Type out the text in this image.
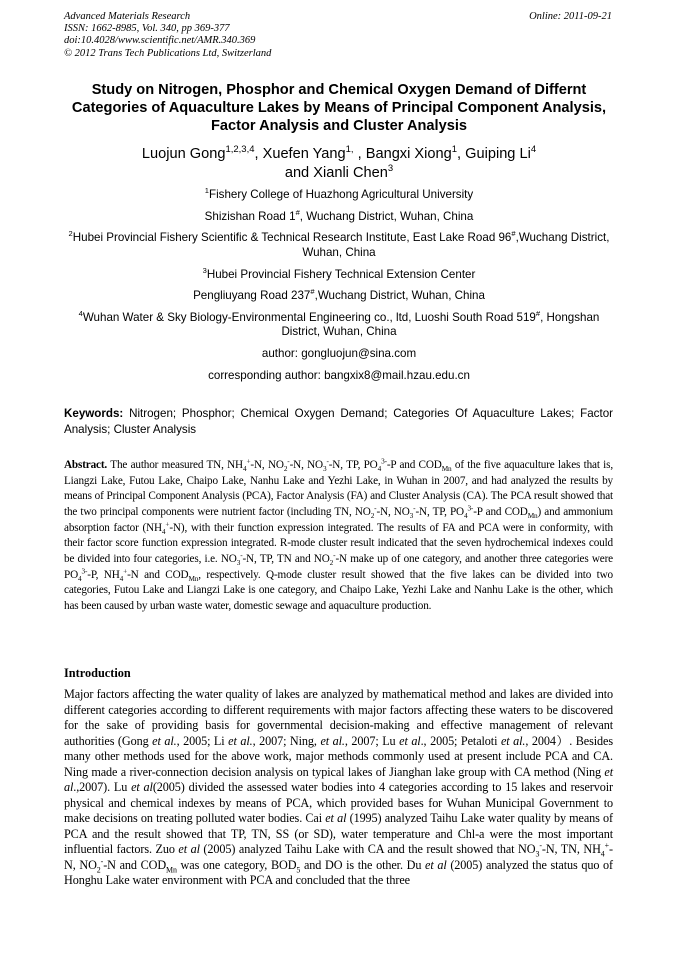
Advanced Materials Research
ISSN: 1662-8985, Vol. 340, pp 369-377
doi:10.4028/www.scientific.net/AMR.340.369
© 2012 Trans Tech Publications Ltd, Switzerland
Online: 2011-09-21
Study on Nitrogen, Phosphor and Chemical Oxygen Demand of Differnt Categories of Aquaculture Lakes by Means of Principal Component Analysis, Factor Analysis and Cluster Analysis
Luojun Gong$^{1,2,3,4}$, Xuefen Yang$^{1,}$ , Bangxi Xiong$^1$, Guiping Li$^4$
and Xianli Chen$^3$

$^1$Fishery College of Huazhong Agricultural University

Shizishan Road 1#, Wuchang District, Wuhan, China

$^2$Hubei Provincial Fishery Scientific & Technical Research Institute, East Lake Road 96#,Wuchang District, Wuhan, China

$^3$Hubei Provincial Fishery Technical Extension Center

Pengliuyang Road 237#,Wuchang District, Wuhan, China

$^4$Wuhan Water & Sky Biology-Environmental Engineering co., ltd, Luoshi South Road 519#, Hongshan District, Wuhan, China

author: gongluojun@sina.com

corresponding author: bangxix8@mail.hzau.edu.cn

Keywords: Nitrogen; Phosphor; Chemical Oxygen Demand; Categories Of Aquaculture Lakes; Factor Analysis; Cluster Analysis
Abstract. The author measured TN, $NH_4^+-N$, $NO_2^--N$, $NO_3^--N$, TP, $PO_4^{3-}-P$ and $COD_{Mn}$ of the five aquaculture lakes that is, Liangzi Lake, Futou Lake, Chaipo Lake, Nanhu Lake and Yezhi Lake, in Wuhan in 2007, and had analyzed the results by means of Principal Component Analysis (PCA), Factor Analysis (FA) and Cluster Analysis (CA). The PCA result showed that the two principal components were nutrient factor (including TN, $NO_2^--N$, $NO_3^--N$, TP, $PO_4^{3-}-P$ and $COD_{Mn}$) and ammonium absorption factor $(NH_4^+-N)$, with their function expression integrated. The results of FA and PCA were in conformity, with their factor score function expression integrated. R-mode cluster result indicated that the seven hydrochemical indexes could be divided into four categories, i.e. $NO_3^--N$, TP, TN and $NO_2^--N$ make up of one category, and another three categories were $PO_4^{3-}-P$, $NH_4^+-N$ and $COD_{Mn}$, respectively. Q-mode cluster result showed that the five lakes can be divided into two categories, Futou Lake and Liangzi Lake is one category, and Chaipo Lake, Yezhi Lake and Nanhu Lake is the other, which has been caused by urban waste water, domestic sewage and aquaculture production.
Introduction
Major factors affecting the water quality of lakes are analyzed by mathematical method and lakes are divided into different categories according to different requirements with major factors affecting these waters to be discovered for the sake of providing basis for governmental decision-making and effective management of relevant authorities (Gong et al., 2005; Li et al., 2007; Ning, et al., 2007; Lu et al., 2005; Petaloti et al., 2004）. Besides many other methods used for the above work, major methods commonly used at present include PCA and CA. Ning made a river-connection decision analysis on typical lakes of Jianghan lake group with CA method (Ning et al.,2007). Lu et al(2005) divided the assessed water bodies into 4 categories according to 15 lakes and reservoir physical and chemical indexes by means of PCA, which provided bases for Wuhan Municipal Government to make decisions on treating polluted water bodies. Cai et al (1995) analyzed Taihu Lake water quality by means of PCA and the result showed that TP, TN, SS (or SD), water temperature and Chl-a were the most important influential factors. Zuo et al (2005) analyzed Taihu Lake with CA and the result showed that $NO_3^--N$, TN, $NH_4^+-N$, $NO_2^--N$ and $COD_{Mn}$ was one category, $BOD_5$ and DO is the other. Du et al (2005) analyzed the status quo of Honghu Lake water environment with PCA and concluded that the three
